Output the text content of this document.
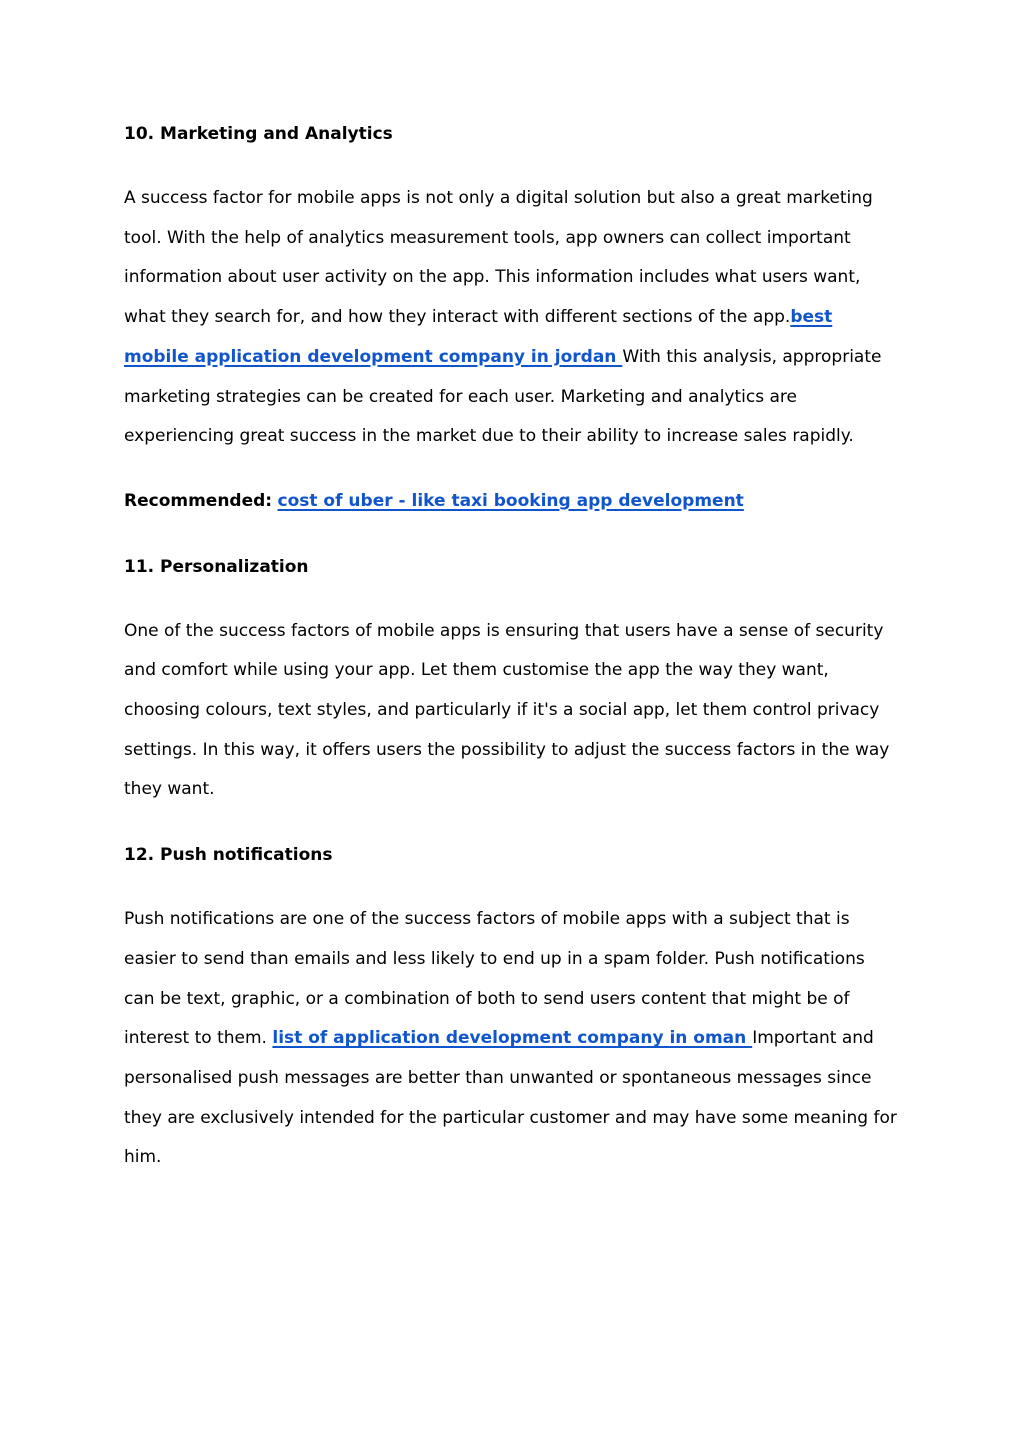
10. Marketing and Analytics

A success factor for mobile apps is not only a digital solution but also a great marketing tool. With the help of analytics measurement tools, app owners can collect important information about user activity on the app. This information includes what users want, what they search for, and how they interact with different sections of the app.best mobile application development company in jordan With this analysis, appropriate marketing strategies can be created for each user. Marketing and analytics are experiencing great success in the market due to their ability to increase sales rapidly.

Recommended: cost of uber - like taxi booking app development

11. Personalization

One of the success factors of mobile apps is ensuring that users have a sense of security and comfort while using your app. Let them customise the app the way they want, choosing colours, text styles, and particularly if it's a social app, let them control privacy settings. In this way, it offers users the possibility to adjust the success factors in the way they want.

12. Push notifications

Push notifications are one of the success factors of mobile apps with a subject that is easier to send than emails and less likely to end up in a spam folder. Push notifications can be text, graphic, or a combination of both to send users content that might be of interest to them. list of application development company in oman Important and personalised push messages are better than unwanted or spontaneous messages since they are exclusively intended for the particular customer and may have some meaning for him.
